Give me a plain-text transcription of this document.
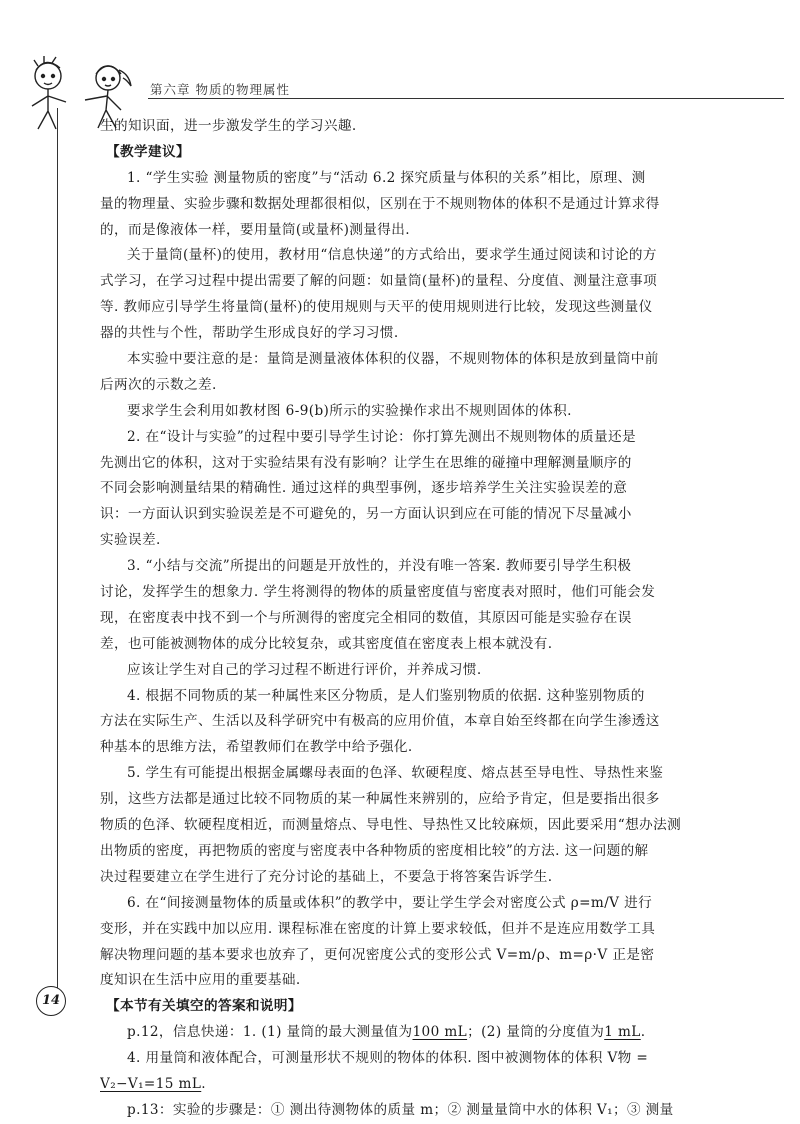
第六章 物质的物理属性
生的知识面，进一步激发学生的学习兴趣.
【教学建议】
1. “学生实验 测量物质的密度”与“活动 6.2 探究质量与体积的关系”相比，原理、测
量的物理量、实验步骤和数据处理都很相似，区别在于不规则物体的体积不是通过计算求得
的，而是像液体一样，要用量筒(或量杯)测量得出.
关于量筒(量杯)的使用，教材用“信息快递”的方式给出，要求学生通过阅读和讨论的方
式学习，在学习过程中提出需要了解的问题：如量筒(量杯)的量程、分度值、测量注意事项
等. 教师应引导学生将量筒(量杯)的使用规则与天平的使用规则进行比较，发现这些测量仪
器的共性与个性，帮助学生形成良好的学习习惯.
本实验中要注意的是：量筒是测量液体体积的仪器，不规则物体的体积是放到量筒中前
后两次的示数之差.
要求学生会利用如教材图 6-9(b)所示的实验操作求出不规则固体的体积.
2. 在“设计与实验”的过程中要引导学生讨论：你打算先测出不规则物体的质量还是
先测出它的体积，这对于实验结果有没有影响？让学生在思维的碰撞中理解测量顺序的
不同会影响测量结果的精确性. 通过这样的典型事例，逐步培养学生关注实验误差的意
识：一方面认识到实验误差是不可避免的，另一方面认识到应在可能的情况下尽量减小
实验误差.
3. “小结与交流”所提出的问题是开放性的，并没有唯一答案. 教师要引导学生积极
讨论，发挥学生的想象力. 学生将测得的物体的质量密度值与密度表对照时，他们可能会发
现，在密度表中找不到一个与所测得的密度完全相同的数值，其原因可能是实验存在误
差，也可能被测物体的成分比较复杂，或其密度值在密度表上根本就没有.
应该让学生对自己的学习过程不断进行评价，并养成习惯.
4. 根据不同物质的某一种属性来区分物质，是人们鉴别物质的依据. 这种鉴别物质的
方法在实际生产、生活以及科学研究中有极高的应用价值，本章自始至终都在向学生渗透这
种基本的思维方法，希望教师们在教学中给予强化.
5. 学生有可能提出根据金属螺母表面的色泽、软硬程度、熔点甚至导电性、导热性来鉴
别，这些方法都是通过比较不同物质的某一种属性来辨别的，应给予肯定，但是要指出很多
物质的色泽、软硬程度相近，而测量熔点、导电性、导热性又比较麻烦，因此要采用“想办法测
出物质的密度，再把物质的密度与密度表中各种物质的密度相比较”的方法. 这一问题的解
决过程要建立在学生进行了充分讨论的基础上，不要急于将答案告诉学生.
6. 在“间接测量物体的质量或体积”的教学中，要让学生学会对密度公式 ρ=m/V 进行
变形，并在实践中加以应用. 课程标准在密度的计算上要求较低，但并不是连应用数学工具
解决物理问题的基本要求也放弃了，更何况密度公式的变形公式 V=m/ρ、m=ρ·V 正是密
度知识在生活中应用的重要基础.
【本节有关填空的答案和说明】
p.12，信息快递：1. (1) 量筒的最大测量值为100 mL；(2) 量筒的分度值为1 mL.
4. 用量筒和液体配合，可测量形状不规则的物体的体积. 图中被测物体的体积 V物 =
V₂−V₁=15 mL.
p.13：实验的步骤是：① 测出待测物体的质量 m；② 测量量筒中水的体积 V₁；③ 测量
14
